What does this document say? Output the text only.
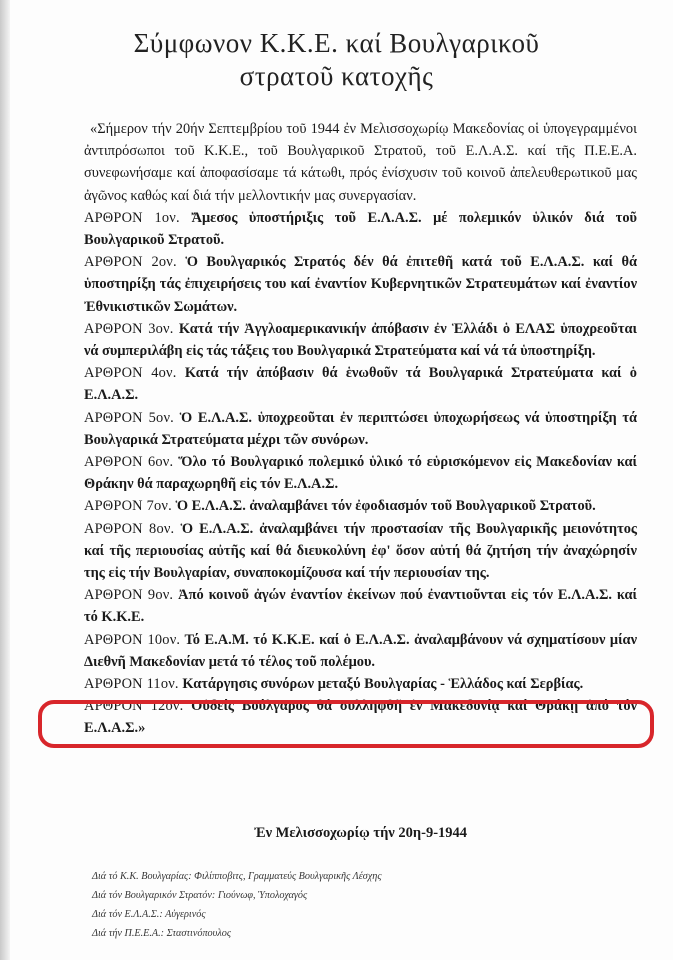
Σύμφωνον Κ.Κ.Ε. καί Βουλγαρικοῦ
στρατοῦ κατοχῆς

«Σήμερον τήν 20ήν Σεπτεμβρίου τοῦ 1944 ἐν Μελισσοχωρίῳ Μακεδονίας οἱ ὑπογεγραμμένοι ἀντιπρόσωποι τοῦ Κ.Κ.Ε., τοῦ Βουλγαρικοῦ Στρατοῦ, τοῦ Ε.Λ.Α.Σ. καί τῆς Π.Ε.Ε.Α. συνεφωνήσαμε καί ἀποφασίσαμε τά κάτωθι, πρός ἐνίσχυσιν τοῦ κοινοῦ ἀπελευθερωτικοῦ μας ἀγῶνος καθώς καί διά τήν μελλοντικήν μας συνεργασίαν.

ΑΡΘΡΟΝ 1ον. Ἄμεσος ὑποστήριξις τοῦ Ε.Λ.Α.Σ. μέ πολεμικόν ὑλικόν διά τοῦ Βουλγαρικοῦ Στρατοῦ.

ΑΡΘΡΟΝ 2ον. Ὁ Βουλγαρικός Στρατός δέν θά ἐπιτεθῆ κατά τοῦ Ε.Λ.Α.Σ. καί θά ὑποστηρίξη τάς ἐπιχειρήσεις του καί ἐναντίον Κυβερνητικῶν Στρατευμάτων καί ἐναντίον Ἐθνικιστικῶν Σωμάτων.

ΑΡΘΡΟΝ 3ον. Κατά τήν Ἀγγλοαμερικανικήν ἀπόβασιν ἐν Ἑλλάδι ὁ ΕΛΑΣ ὑποχρεοῦται νά συμπεριλάβη εἰς τάς τάξεις του Βουλγαρικά Στρατεύματα καί νά τά ὑποστηρίξη.

ΑΡΘΡΟΝ 4ον. Κατά τήν ἀπόβασιν θά ἑνωθοῦν τά Βουλγαρικά Στρατεύματα καί ὁ Ε.Λ.Α.Σ.

ΑΡΘΡΟΝ 5ον. Ὁ Ε.Λ.Α.Σ. ὑποχρεοῦται ἐν περιπτώσει ὑποχωρήσεως νά ὑποστηρίξη τά Βουλγαρικά Στρατεύματα μέχρι τῶν συνόρων.

ΑΡΘΡΟΝ 6ον. Ὅλο τό Βουλγαρικό πολεμικό ὑλικό τό εὑρισκόμενον εἰς Μακεδονίαν καί Θράκην θά παραχωρηθῆ εἰς τόν Ε.Λ.Α.Σ.

ΑΡΘΡΟΝ 7ον. Ὁ Ε.Λ.Α.Σ. ἀναλαμβάνει τόν ἐφοδιασμόν τοῦ Βουλγαρικοῦ Στρατοῦ.

ΑΡΘΡΟΝ 8ον. Ὁ Ε.Λ.Α.Σ. ἀναλαμβάνει τήν προστασίαν τῆς Βουλγαρικῆς μειονότητος καί τῆς περιουσίας αὐτῆς καί θά διευκολύνη ἐφ' ὅσον αὐτή θά ζητήση τήν ἀναχώρησίν της εἰς τήν Βουλγαρίαν, συναποκομίζουσα καί τήν περιουσίαν της.

ΑΡΘΡΟΝ 9ον. Ἀπό κοινοῦ ἀγών ἐναντίον ἐκείνων πού ἐναντιοῦνται εἰς τόν Ε.Λ.Α.Σ. καί τό Κ.Κ.Ε.

ΑΡΘΡΟΝ 10ον. Τό Ε.Α.Μ. τό Κ.Κ.Ε. καί ὁ Ε.Λ.Α.Σ. ἀναλαμβάνουν νά σχηματίσουν μίαν Διεθνῆ Μακεδονίαν μετά τό τέλος τοῦ πολέμου.

ΑΡΘΡΟΝ 11ον. Κατάργησις συνόρων μεταξύ Βουλγαρίας - Ἑλλάδος καί Σερβίας.

ΑΡΘΡΟΝ 12ον. Οὐδείς Βούλγαρος θά συλληφθῆ ἐν Μακεδονίᾳ καί Θράκῃ ἀπό τόν Ε.Λ.Α.Σ.»

Ἐν Μελισσοχωρίῳ τήν 20η-9-1944
Διά τό Κ.Κ. Βουλγαρίας: Φιλίπποβιτς, Γραμματεύς Βουλγαρικῆς Λέσχης
Διά τόν Βουλγαρικόν Στρατόν: Γιούνωφ, Ὑπολοχαγός
Διά τόν Ε.Λ.Α.Σ.: Αὐγερινός
Διά τήν Π.Ε.Ε.Α.: Σταστινόπουλος
